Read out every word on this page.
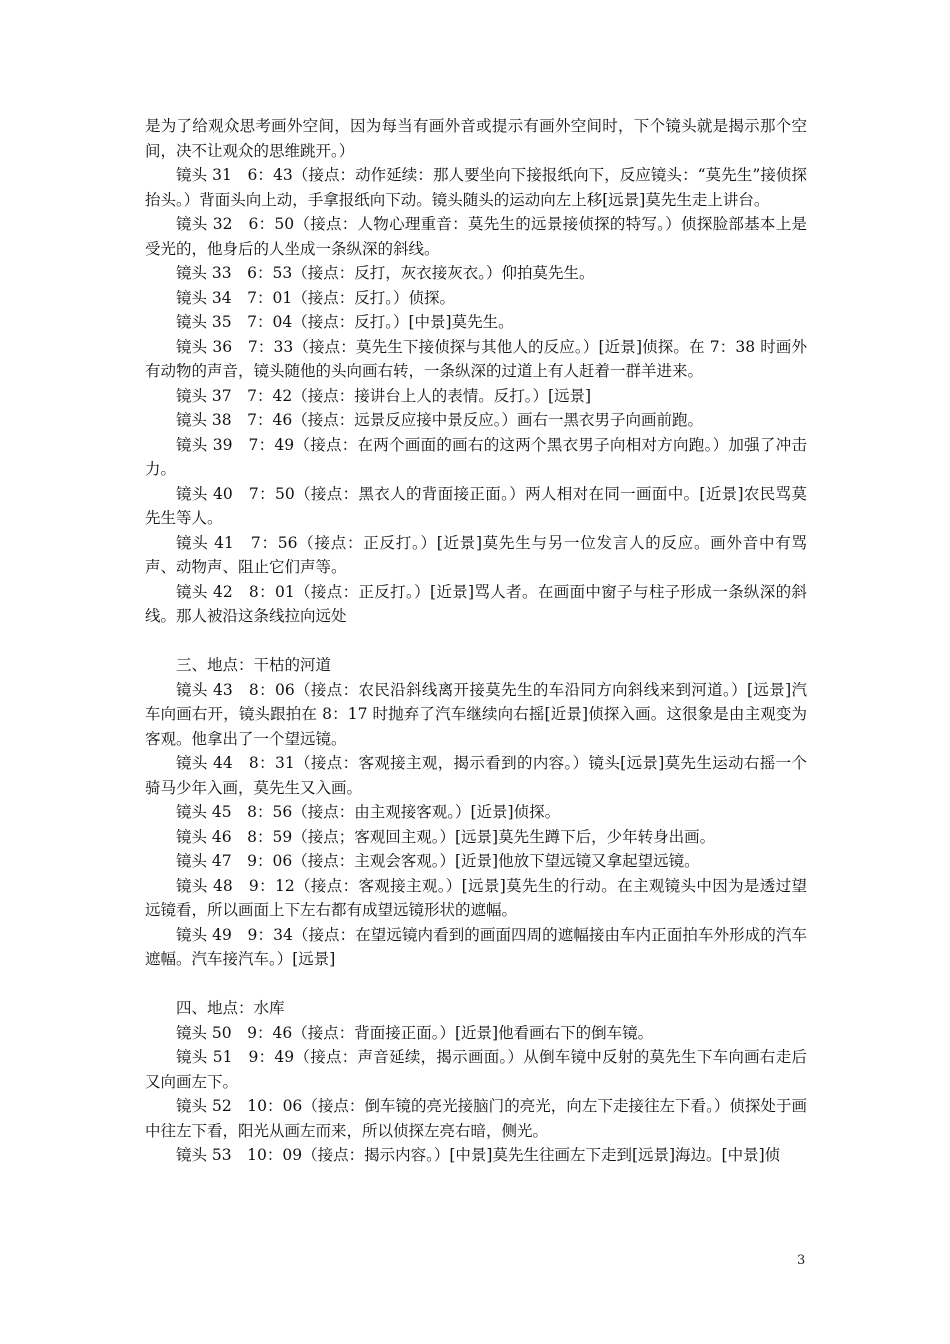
是为了给观众思考画外空间，因为每当有画外音或提示有画外空间时，下个镜头就是揭示那个空间，决不让观众的思维跳开。）

镜头 31　6：43（接点：动作延续：那人要坐向下接报纸向下，反应镜头：“莫先生”接侦探抬头。）背面头向上动，手拿报纸向下动。镜头随头的运动向左上移[远景]莫先生走上讲台。

镜头 32　6：50（接点：人物心理重音：莫先生的远景接侦探的特写。）侦探脸部基本上是受光的，他身后的人坐成一条纵深的斜线。

镜头 33　6：53（接点：反打，灰衣接灰衣。）仰拍莫先生。

镜头 34　7：01（接点：反打。）侦探。

镜头 35　7：04（接点：反打。）[中景]莫先生。

镜头 36　7：33（接点：莫先生下接侦探与其他人的反应。）[近景]侦探。在 7：38 时画外有动物的声音，镜头随他的头向画右转，一条纵深的过道上有人赶着一群羊进来。

镜头 37　7：42（接点：接讲台上人的表情。反打。）[远景]

镜头 38　7：46（接点：远景反应接中景反应。）画右一黑衣男子向画前跑。

镜头 39　7：49（接点：在两个画面的画右的这两个黑衣男子向相对方向跑。）加强了冲击力。

镜头 40　7：50（接点：黑衣人的背面接正面。）两人相对在同一画面中。[近景]农民骂莫先生等人。

镜头 41　7：56（接点：正反打。）[近景]莫先生与另一位发言人的反应。画外音中有骂声、动物声、阻止它们声等。

镜头 42　8：01（接点：正反打。）[近景]骂人者。在画面中窗子与柱子形成一条纵深的斜线。那人被沿这条线拉向远处

三、地点：干枯的河道

镜头 43　8：06（接点：农民沿斜线离开接莫先生的车沿同方向斜线来到河道。）[远景]汽车向画右开，镜头跟拍在 8：17 时抛弃了汽车继续向右摇[近景]侦探入画。这很象是由主观变为客观。他拿出了一个望远镜。

镜头 44　8：31（接点：客观接主观，揭示看到的内容。）镜头[远景]莫先生运动右摇一个骑马少年入画，莫先生又入画。

镜头 45　8：56（接点：由主观接客观。）[近景]侦探。

镜头 46　8：59（接点；客观回主观。）[远景]莫先生蹲下后，少年转身出画。

镜头 47　9：06（接点：主观会客观。）[近景]他放下望远镜又拿起望远镜。

镜头 48　9：12（接点：客观接主观。）[远景]莫先生的行动。在主观镜头中因为是透过望远镜看，所以画面上下左右都有成望远镜形状的遮幅。

镜头 49　9：34（接点：在望远镜内看到的画面四周的遮幅接由车内正面拍车外形成的汽车遮幅。汽车接汽车。）[远景]

四、地点：水库

镜头 50　9：46（接点：背面接正面。）[近景]他看画右下的倒车镜。

镜头 51　9：49（接点：声音延续，揭示画面。）从倒车镜中反射的莫先生下车向画右走后又向画左下。

镜头 52　10：06（接点：倒车镜的亮光接脑门的亮光，向左下走接往左下看。）侦探处于画中往左下看，阳光从画左而来，所以侦探左亮右暗，侧光。

镜头 53　10：09（接点：揭示内容。）[中景]莫先生往画左下走到[远景]海边。[中景]侦

3
